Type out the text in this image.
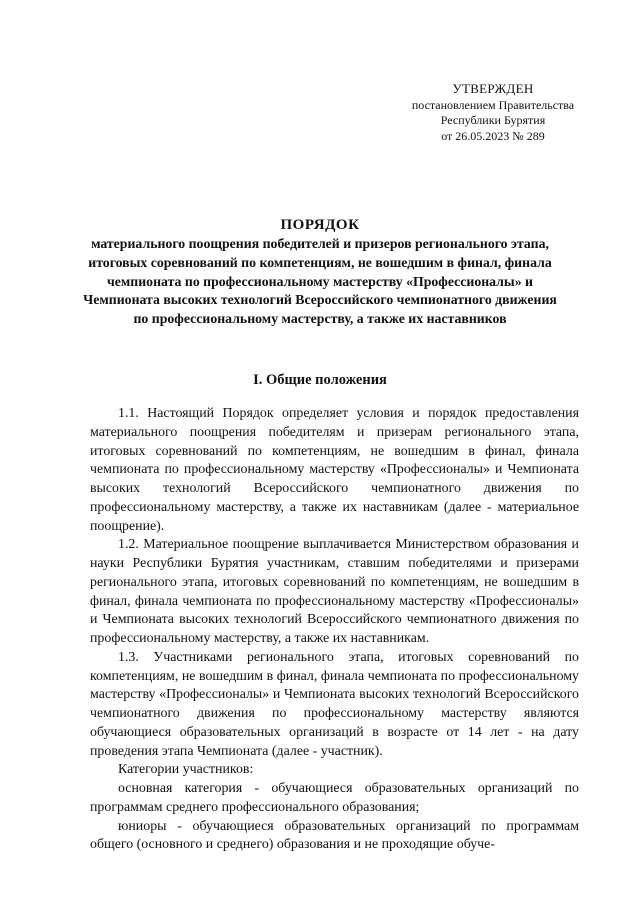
УТВЕРЖДЕН
постановлением Правительства
Республики Бурятия
от 26.05.2023 № 289
ПОРЯДОК
материального поощрения победителей и призеров регионального этапа, итоговых соревнований по компетенциям, не вошедшим в финал, финала чемпионата по профессиональному мастерству «Профессионалы» и Чемпионата высоких технологий Всероссийского чемпионатного движения по профессиональному мастерству, а также их наставников
I. Общие положения

1.1. Настоящий Порядок определяет условия и порядок предоставления материального поощрения победителям и призерам регионального этапа, итоговых соревнований по компетенциям, не вошедшим в финал, финала чемпионата по профессиональному мастерству «Профессионалы» и Чемпионата высоких технологий Всероссийского чемпионатного движения по профессиональному мастерству, а также их наставникам (далее - материальное поощрение).

1.2. Материальное поощрение выплачивается Министерством образования и науки Республики Бурятия участникам, ставшим победителями и призерами регионального этапа, итоговых соревнований по компетенциям, не вошедшим в финал, финала чемпионата по профессиональному мастерству «Профессионалы» и Чемпионата высоких технологий Всероссийского чемпионатного движения по профессиональному мастерству, а также их наставникам.

1.3. Участниками регионального этапа, итоговых соревнований по компетенциям, не вошедшим в финал, финала чемпионата по профессиональному мастерству «Профессионалы» и Чемпионата высоких технологий Всероссийского чемпионатного движения по профессиональному мастерству являются обучающиеся образовательных организаций в возрасте от 14 лет - на дату проведения этапа Чемпионата (далее - участник).

Категории участников:

основная категория - обучающиеся образовательных организаций по программам среднего профессионального образования;

юниоры - обучающиеся образовательных организаций по программам общего (основного и среднего) образования и не проходящие обуче-
